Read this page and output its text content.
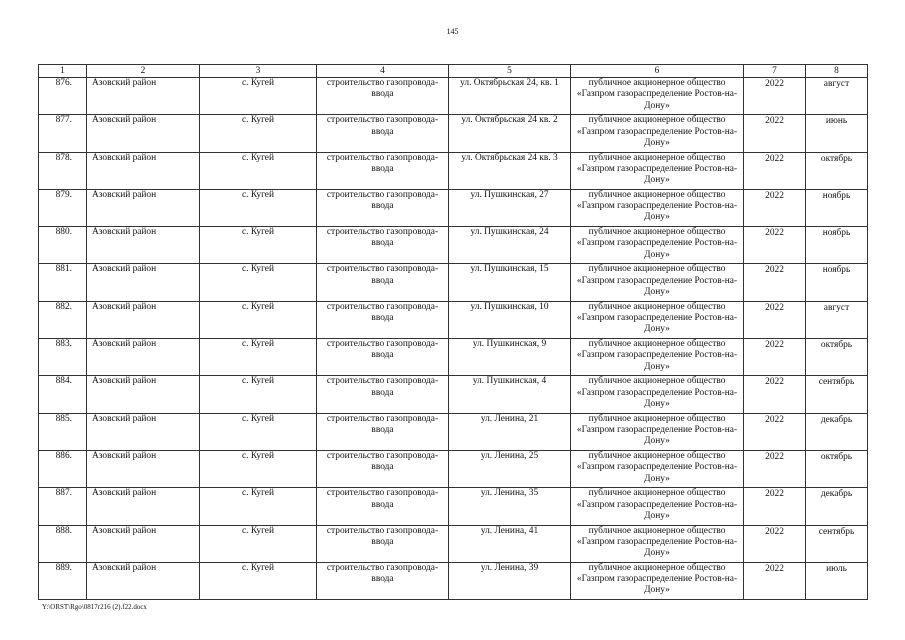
145
1	2	3	4	5	6	7	8
876.	Азовский район	с. Кугей	строительство газопровода-ввода	ул. Октябрьская 24, кв. 1	публичное акционерное общество «Газпром газораспределение Ростов-на-Дону»	2022	август
877.	Азовский район	с. Кугей	строительство газопровода-ввода	ул. Октябрьская 24 кв. 2	публичное акционерное общество «Газпром газораспределение Ростов-на-Дону»	2022	июнь
878.	Азовский район	с. Кугей	строительство газопровода-ввода	ул. Октябрьская 24 кв. 3	публичное акционерное общество «Газпром газораспределение Ростов-на-Дону»	2022	октябрь
879.	Азовский район	с. Кугей	строительство газопровода-ввода	ул. Пушкинская, 27	публичное акционерное общество «Газпром газораспределение Ростов-на-Дону»	2022	ноябрь
880.	Азовский район	с. Кугей	строительство газопровода-ввода	ул. Пушкинская, 24	публичное акционерное общество «Газпром газораспределение Ростов-на-Дону»	2022	ноябрь
881.	Азовский район	с. Кугей	строительство газопровода-ввода	ул. Пушкинская, 15	публичное акционерное общество «Газпром газораспределение Ростов-на-Дону»	2022	ноябрь
882.	Азовский район	с. Кугей	строительство газопровода-ввода	ул. Пушкинская, 10	публичное акционерное общество «Газпром газораспределение Ростов-на-Дону»	2022	август
883.	Азовский район	с. Кугей	строительство газопровода-ввода	ул. Пушкинская, 9	публичное акционерное общество «Газпром газораспределение Ростов-на-Дону»	2022	октябрь
884.	Азовский район	с. Кугей	строительство газопровода-ввода	ул. Пушкинская, 4	публичное акционерное общество «Газпром газораспределение Ростов-на-Дону»	2022	сентябрь
885.	Азовский район	с. Кугей	строительство газопровода-ввода	ул. Ленина, 21	публичное акционерное общество «Газпром газораспределение Ростов-на-Дону»	2022	декабрь
886.	Азовский район	с. Кугей	строительство газопровода-ввода	ул. Ленина, 25	публичное акционерное общество «Газпром газораспределение Ростов-на-Дону»	2022	октябрь
887.	Азовский район	с. Кугей	строительство газопровода-ввода	ул. Ленина, 35	публичное акционерное общество «Газпром газораспределение Ростов-на-Дону»	2022	декабрь
888.	Азовский район	с. Кугей	строительство газопровода-ввода	ул. Ленина, 41	публичное акционерное общество «Газпром газораспределение Ростов-на-Дону»	2022	сентябрь
889.	Азовский район	с. Кугей	строительство газопровода-ввода	ул. Ленина, 39	публичное акционерное общество «Газпром газораспределение Ростов-на-Дону»	2022	июль
Y:\ORST\Rgo\0817r216 (2).f22.docx
